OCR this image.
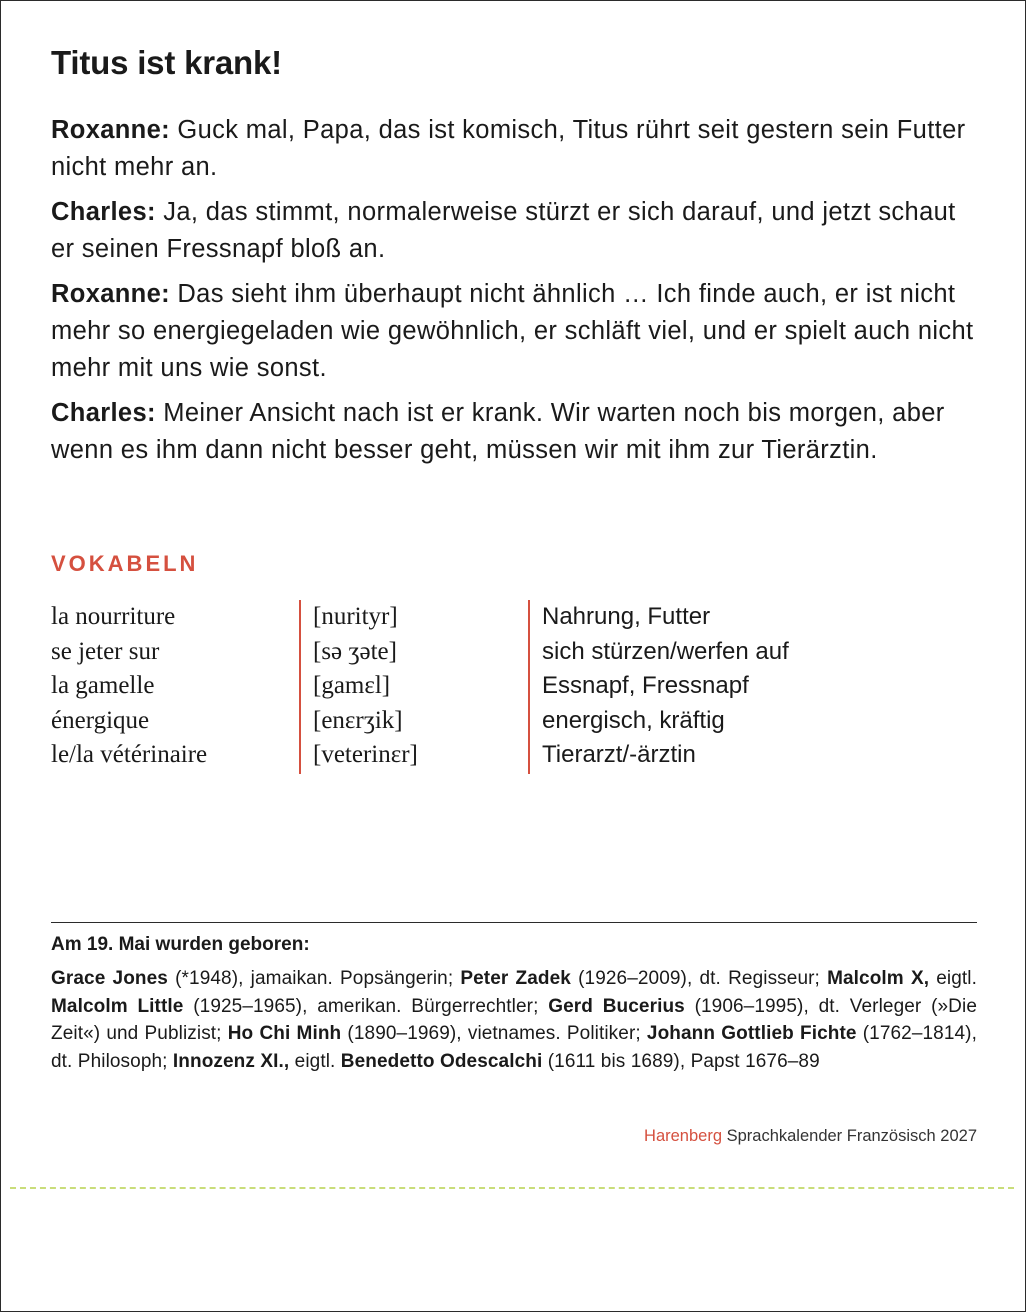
Titus ist krank!

Roxanne: Guck mal, Papa, das ist komisch, Titus rührt seit gestern sein Futter nicht mehr an.

Charles: Ja, das stimmt, normalerweise stürzt er sich darauf, und jetzt schaut er seinen Fressnapf bloß an.

Roxanne: Das sieht ihm überhaupt nicht ähnlich … Ich finde auch, er ist nicht mehr so energiegeladen wie gewöhnlich, er schläft viel, und er spielt auch nicht mehr mit uns wie sonst.

Charles: Meiner Ansicht nach ist er krank. Wir warten noch bis morgen, aber wenn es ihm dann nicht besser geht, müssen wir mit ihm zur Tierärztin.

VOKABELN
la nourriture
se jeter sur
la gamelle
énergique
le/la vétérinaire
[nurityr]
[sə ʒəte]
[gamɛl]
[enɛrʒik]
[veterinɛr]
Nahrung, Futter
sich stürzen/werfen auf
Essnapf, Fressnapf
energisch, kräftig
Tierarzt/-ärztin
Am 19. Mai wurden geboren:

Grace Jones (*1948), jamaikan. Popsängerin; Peter Zadek (1926–2009), dt. Regisseur; Malcolm X, eigtl. Malcolm Little (1925–1965), amerikan. Bürgerrechtler; Gerd Bucerius (1906–1995), dt. Verleger (»Die Zeit«) und Publizist; Ho Chi Minh (1890–1969), vietnames. Politiker; Johann Gottlieb Fichte (1762–1814), dt. Philosoph; Innozenz XI., eigtl. Benedetto Odescalchi (1611 bis 1689), Papst 1676–89

Harenberg Sprachkalender Französisch 2027
